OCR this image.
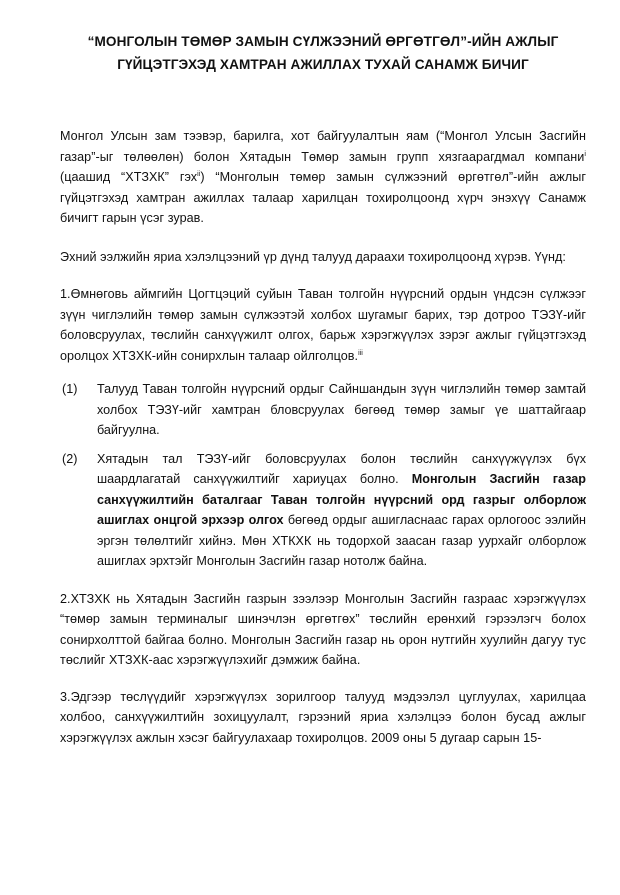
“МОНГОЛЫН ТӨМӨР ЗАМЫН СҮЛЖЭЭНИЙ ӨРГӨТГӨЛ”-ИЙН АЖЛЫГ
ГҮЙЦЭТГЭХЭД ХАМТРАН АЖИЛЛАХ ТУХАЙ САНАМЖ БИЧИГ

Монгол Улсын зам тээвэр, барилга, хот байгуулалтын яам (“Монгол Улсын Засгийн газар”-ыг төлөөлөн) болон Хятадын Төмөр замын групп хязгаарагдмал компани$^i$ (цаашид “ХТЗХК” гэх$^{ii}$) “Монголын төмөр замын сүлжээний өргөтгөл”-ийн ажлыг гүйцэтгэхэд хамтран ажиллах талаар харилцан тохиролцоонд хүрч энэхүү Санамж бичигт гарын үсэг зурав.

Эхний ээлжийн яриа хэлэлцээний үр дүнд талууд дараахи тохиролцоонд хүрэв. Үүнд:

1.Өмнөговь аймгийн Цогтцэций суйын Таван толгойн нүүрсний ордын үндсэн сүлжээг зүүн чиглэлийн төмөр замын сүлжээтэй холбох шугамыг барих, тэр дотроо ТЭЗҮ-ийг боловсруулах, төслийн санхүүжилт олгох, барьж хэрэгжүүлэх зэрэг ажлыг гүйцэтгэхэд оролцох ХТЗХК-ийн сонирхлын талаар ойлголцов.$^{iii}$

(1) Талууд Таван толгойн нүүрсний ордыг Сайншандын зүүн чиглэлийн төмөр замтай холбох ТЭЗҮ-ийг хамтран бловсруулах бөгөөд төмөр замыг үе шаттайгаар байгуулна.
(2) Хятадын тал ТЭЗҮ-ийг боловсруулах болон төслийн санхүүжүүлэх бүх шаардлагатай санхүүжилтийг хариуцах болно. Монголын Засгийн газар санхүүжилтийн баталгааг Таван толгойн нүүрсний орд газрыг олборлож ашиглах онцгой эрхээр олгох бөгөөд ордыг ашигласнаас гарах орлогоос ээлийн эргэн төлөлтийг хийнэ. Мөн ХТКХК нь тодорхой заасан газар уурхайг олборлож ашиглах эрхтэйг Монголын Засгийн газар нотолж байна.

2.ХТЗХК нь Хятадын Засгийн газрын зээлээр Монголын Засгийн газраас хэрэгжүүлэх “төмөр замын терминалыг шинэчлэн өргөтгөх” төслийн ерөнхий гэрээлэгч болох сонирхолттой байгаа болно. Монголын Засгийн газар нь орон нутгийн хуулийн дагуу тус төслийг ХТЗХК-аас хэрэгжүүлэхийг дэмжиж байна.

3.Эдгээр төслүүдийг хэрэгжүүлэх зорилгоор талууд мэдээлэл цуглуулах, харилцаа холбоо, санхүүжилтийн зохицуулалт, гэрээний яриа хэлэлцээ болон бусад ажлыг хэрэгжүүлэх ажлын хэсэг байгуулахаар тохиролцов. 2009 оны 5 дугаар сарын 15-
